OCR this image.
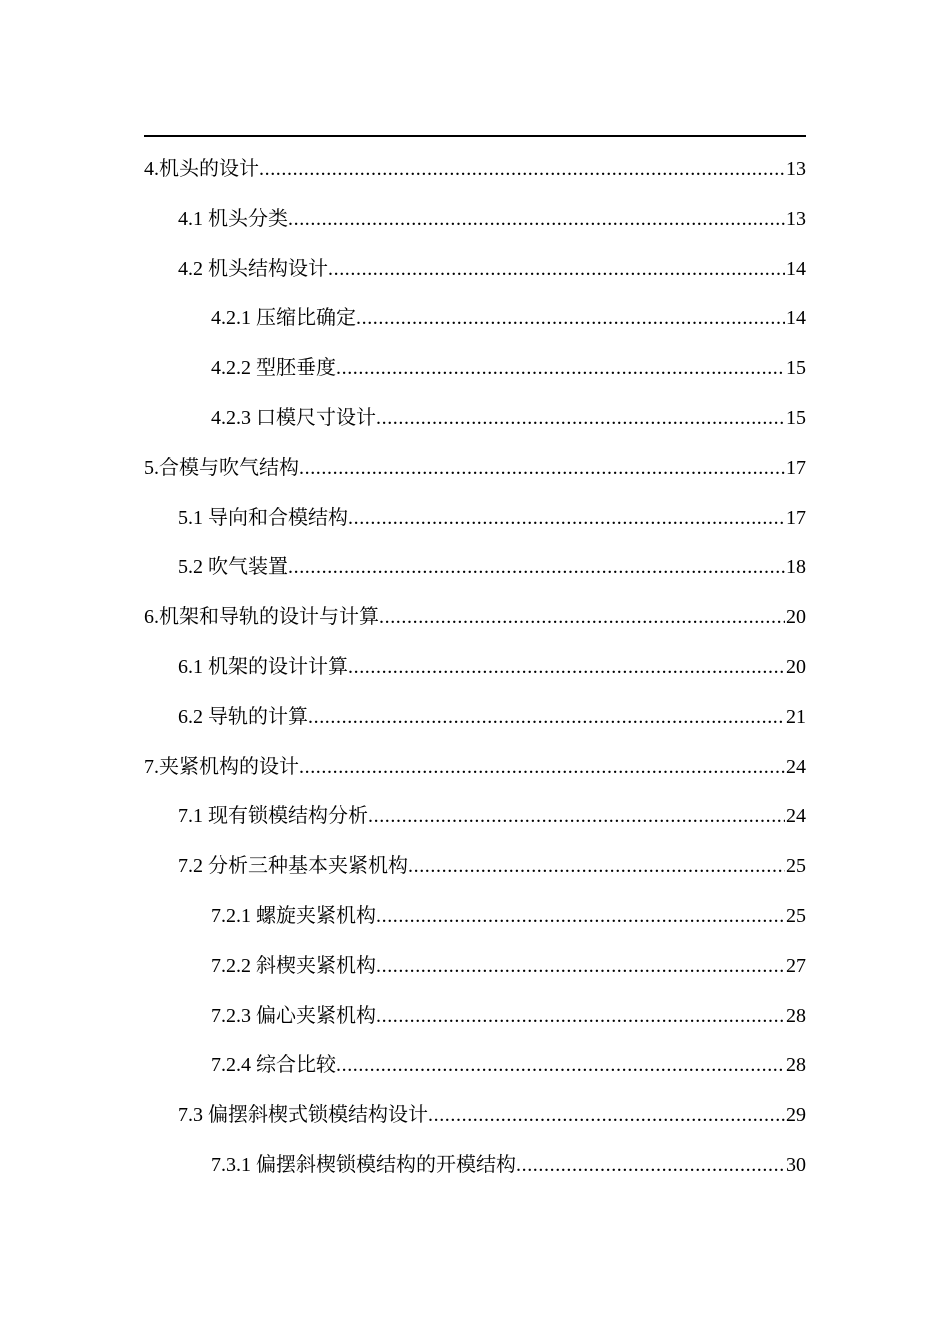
4.机头的设计 .....	13
4.1 机头分类 .....	13
4.2 机头结构设计 .....	14
4.2.1 压缩比确定 .....	14
4.2.2 型胚垂度 .....	15
4.2.3 口模尺寸设计 .....	15
5.合模与吹气结构 .....	17
5.1 导向和合模结构 .....	17
5.2 吹气装置 .....	18
6.机架和导轨的设计与计算 .....	20
6.1 机架的设计计算 .....	20
6.2 导轨的计算 .....	21
7.夹紧机构的设计 .....	24
7.1 现有锁模结构分析 .....	24
7.2 分析三种基本夹紧机构 .....	25
7.2.1 螺旋夹紧机构 .....	25
7.2.2 斜楔夹紧机构 .....	27
7.2.3 偏心夹紧机构 .....	28
7.2.4 综合比较 .....	28
7.3 偏摆斜楔式锁模结构设计 .....	29
7.3.1 偏摆斜楔锁模结构的开模结构 .....	30
